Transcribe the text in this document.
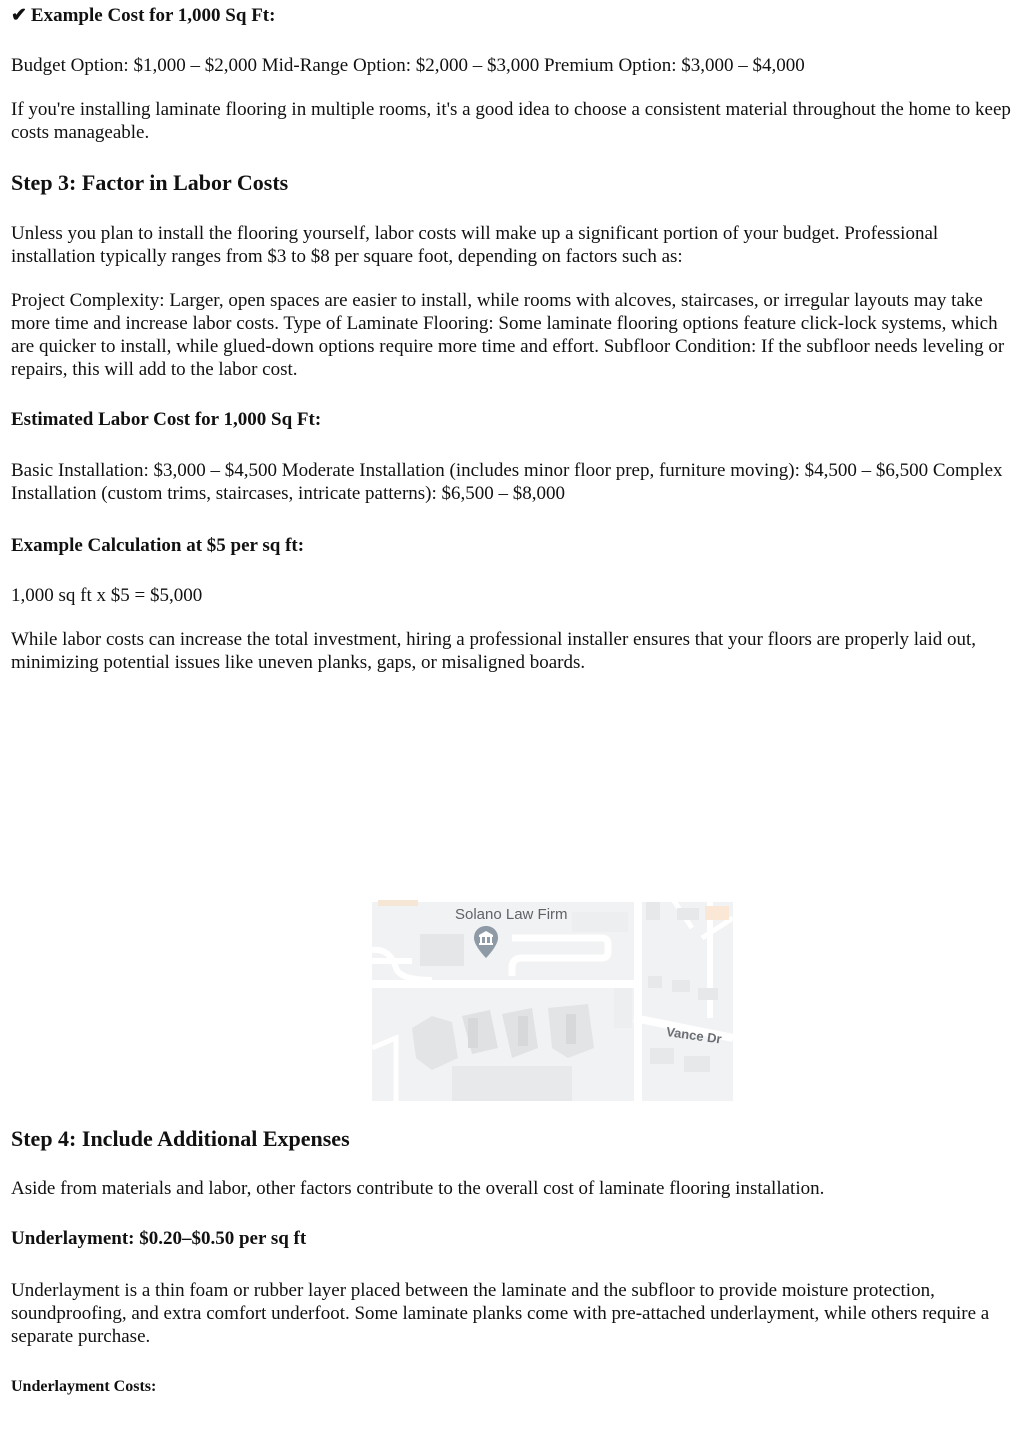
✔ Example Cost for 1,000 Sq Ft:

Budget Option: $1,000 – $2,000 Mid-Range Option: $2,000 – $3,000 Premium Option: $3,000 – $4,000

If you're installing laminate flooring in multiple rooms, it's a good idea to choose a consistent material throughout the home to keep costs manageable.

Step 3: Factor in Labor Costs

Unless you plan to install the flooring yourself, labor costs will make up a significant portion of your budget. Professional installation typically ranges from $3 to $8 per square foot, depending on factors such as:

Project Complexity: Larger, open spaces are easier to install, while rooms with alcoves, staircases, or irregular layouts may take more time and increase labor costs. Type of Laminate Flooring: Some laminate flooring options feature click-lock systems, which are quicker to install, while glued-down options require more time and effort. Subfloor Condition: If the subfloor needs leveling or repairs, this will add to the labor cost.

Estimated Labor Cost for 1,000 Sq Ft:

Basic Installation: $3,000 – $4,500 Moderate Installation (includes minor floor prep, furniture moving): $4,500 – $6,500 Complex Installation (custom trims, staircases, intricate patterns): $6,500 – $8,000

Example Calculation at $5 per sq ft:

1,000 sq ft x $5 = $5,000

While labor costs can increase the total investment, hiring a professional installer ensures that your floors are properly laid out, minimizing potential issues like uneven planks, gaps, or misaligned boards.

Step 4: Include Additional Expenses

Aside from materials and labor, other factors contribute to the overall cost of laminate flooring installation.

Underlayment: $0.20–$0.50 per sq ft

Underlayment is a thin foam or rubber layer placed between the laminate and the subfloor to provide moisture protection, soundproofing, and extra comfort underfoot. Some laminate planks come with pre-attached underlayment, while others require a separate purchase.

Underlayment Costs:
Solano Law Firm
Vance Dr
